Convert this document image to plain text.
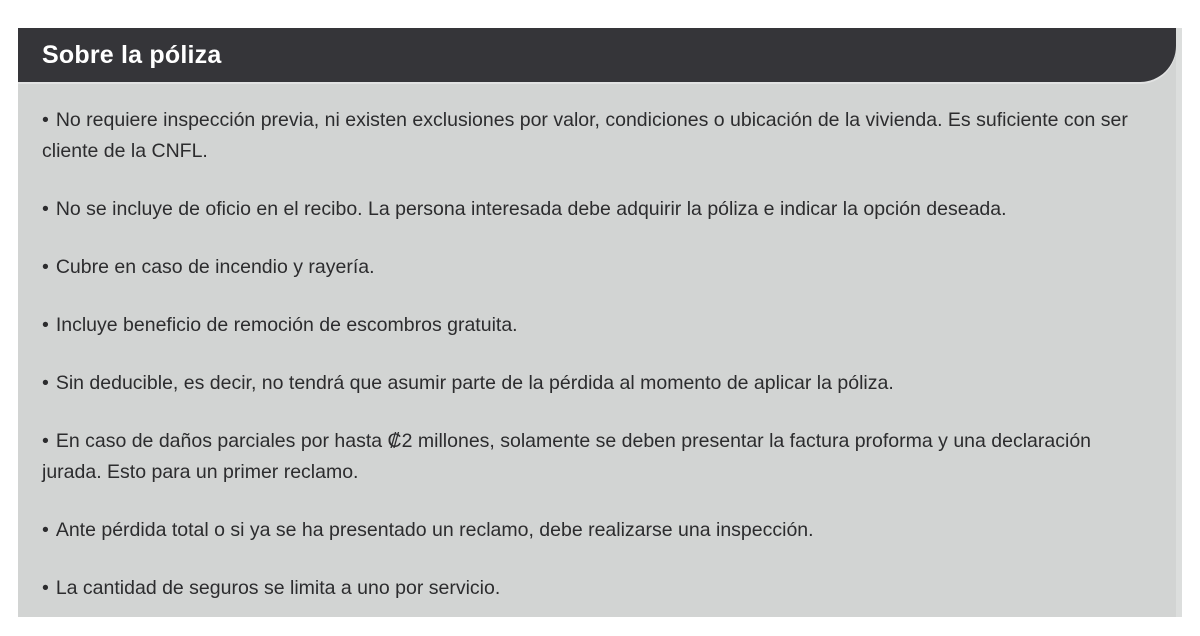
Sobre la póliza

• No requiere inspección previa, ni existen exclusiones por valor, condiciones o ubicación de la vivienda. Es suficiente con ser cliente de la CNFL.

• No se incluye de oficio en el recibo. La persona interesada debe adquirir la póliza e indicar la opción deseada.

• Cubre en caso de incendio y rayería.

• Incluye beneficio de remoción de escombros gratuita.

• Sin deducible, es decir, no tendrá que asumir parte de la pérdida al momento de aplicar la póliza.

• En caso de daños parciales por hasta ₡2 millones, solamente se deben presentar la factura proforma y una declaración jurada. Esto para un primer reclamo.

• Ante pérdida total o si ya se ha presentado un reclamo, debe realizarse una inspección.

• La cantidad de seguros se limita a uno por servicio.
